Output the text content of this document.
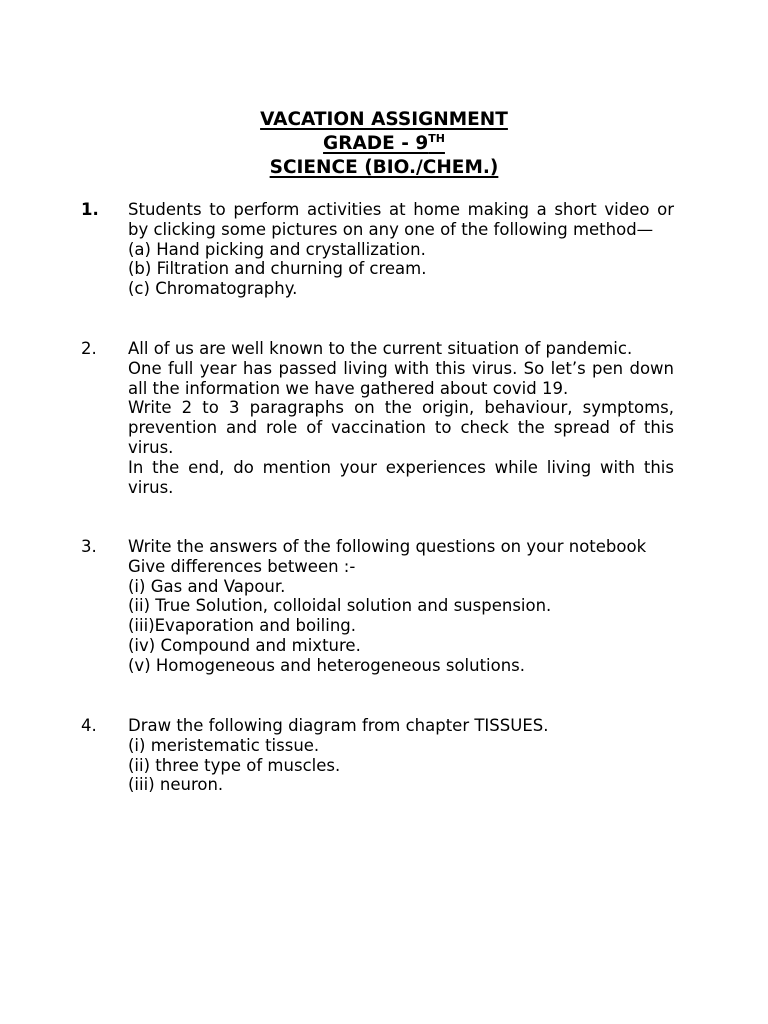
VACATION ASSIGNMENT
GRADE - 9TH
SCIENCE (BIO./CHEM.)
1.	Students to perform activities at home making a short video or by clicking some pictures on any one of the following method—
(a) Hand picking and crystallization.
(b) Filtration and churning of cream.
(c) Chromatography.
2.	All of us are well known to the current situation of pandemic.
One full year has passed living with this virus. So let’s pen down all the information we have gathered about covid 19.
Write 2 to 3 paragraphs on the origin, behaviour, symptoms, prevention and role of vaccination to check the spread of this virus.
In the end, do mention your experiences while living with this virus.
3.	Write the answers of the following questions on your notebook
Give differences between :-
(i) Gas and Vapour.
(ii) True Solution, colloidal solution and suspension.
(iii)Evaporation and boiling.
(iv) Compound and mixture.
(v) Homogeneous and heterogeneous solutions.
4.	Draw the following diagram from chapter TISSUES.
(i) meristematic tissue.
(ii) three type of muscles.
(iii) neuron.
